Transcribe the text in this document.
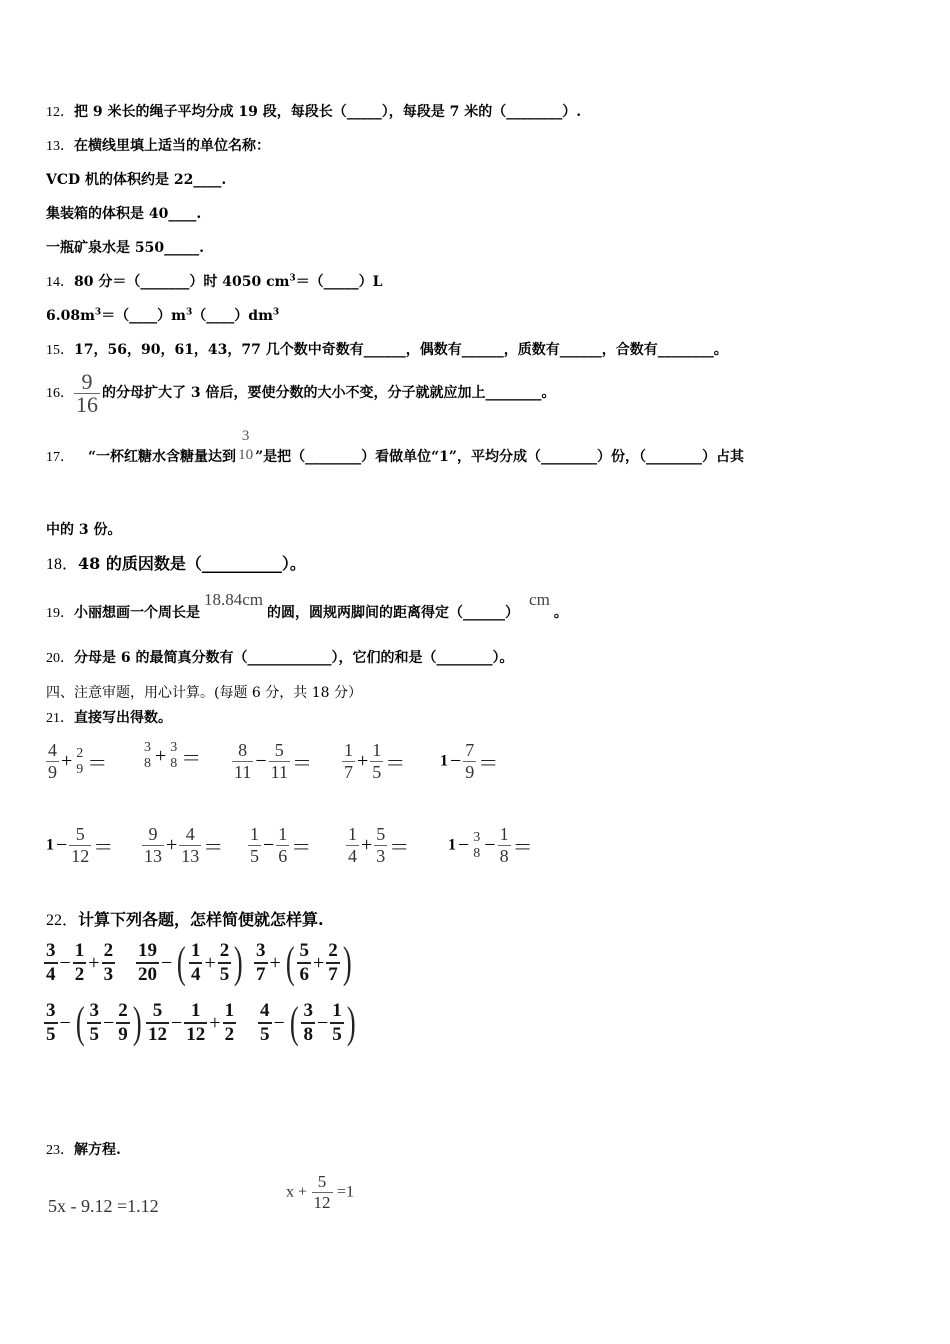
12．把 9 米长的绳子平均分成 19 段，每段长（_____），每段是 7 米的（________）.
13．在横线里填上适当的单位名称：
VCD 机的体积约是 22____.
集装箱的体积是 40____.
一瓶矿泉水是 550_____.
14．80 分＝（_______）时 4050 $cm^3=(\_\_\_\_\_)L$
$6.08m^3=(\_\_\_\_)m^3(\_\_\_\_)dm^3$
15．17，56，90，61，43，77 几个数中奇数有______，偶数有______，质数有______，合数有________。
16． $\frac{9}{16}$ 的分母扩大了 3 倍后，要使分数的大小不变，分子就就应加上________。
17． “一杯红糖水含糖量达到
3
10 ”是把（________）看做单位“1”，平均分成（________）份，（________）占其
中的 3 份。
18．48 的质因数是（__________）。
19．小丽想画一个周长是18.84cm的圆，圆规两脚间的距离得定（______）cm。
20．分母是 6 的最简真分数有（____________），它们的和是（________）。
四、注意审题，用心计算。(每题 6 分，共 18 分）
21．直接写出得数。
$\frac{4}{9} + 2$
9 ＝
3
8 + 3
$8 = \frac{8}{11} - \frac{5}{11} = \frac{1}{7} + \frac{1}{5} = 1 - \frac{7}{9}$ ＝
$1 - \frac{5}{12} = \frac{9}{13} + \frac{4}{13} = \frac{1}{5} - \frac{1}{6} = \frac{1}{4} + \frac{5}{3} = 1 - 3$
$8 - \frac{1}{8}$ ＝
22．计算下列各题，怎样简便就怎样算.
$\frac{3}{4} - \frac{1}{2} + \frac{2}{3} \frac{19}{20}$ − ( $\frac{1}{4} + \frac{2}{5}$ ) $\frac{3}{7}$ + ( $\frac{5}{6} + \frac{2}{7}$ )
$\frac{3}{5}$ − ( $\frac{3}{5} - \frac{2}{9}$ ) $\frac{5}{12} - \frac{1}{12} + \frac{1}{2} \frac{4}{5}$ − ( $\frac{3}{8} - \frac{1}{5}$ )
23．解方程.
5x - 9.12 =1.12
$x + \frac{5}{12} =1$
